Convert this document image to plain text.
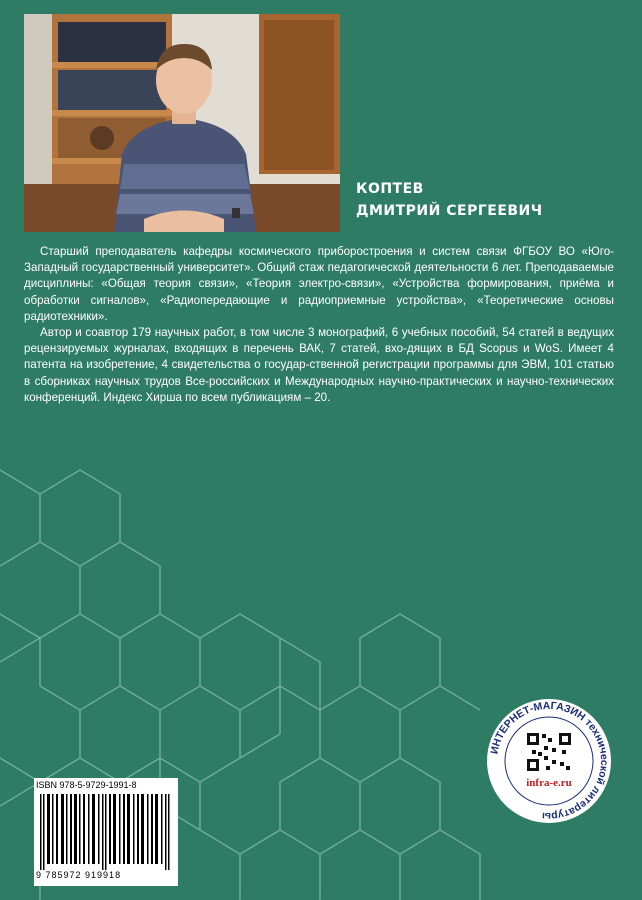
КОПТЕВ
ДМИТРИЙ СЕРГЕЕВИЧ

Старший преподаватель кафедры космического приборостроения и систем связи ФГБОУ ВО «Юго-Западный государственный университет». Общий стаж педагогической деятельности 6 лет. Преподаваемые дисциплины: «Общая теория связи», «Теория электро-связи», «Устройства формирования, приёма и обработки сигналов», «Радиопередающие и радиоприемные устройства», «Теоретические основы радиотехники».

Автор и соавтор 179 научных работ, в том числе 3 монографий, 6 учебных пособий, 54 статей в ведущих рецензируемых журналах, входящих в перечень ВАК, 7 статей, вхо-дящих в БД Scopus и WoS. Имеет 4 патента на изобретение, 4 свидетельства о государ-ственной регистрации программы для ЭВМ, 101 статью в сборниках научных трудов Все-российских и Международных научно-практических и научно-технических конференций. Индекс Хирша по всем публикациям – 20.

ISBN 978-5-9729-1991-8
9 785972 919918
ИНТЕРНЕТ-МАГАЗИН технической литературы
infra-e.ru
